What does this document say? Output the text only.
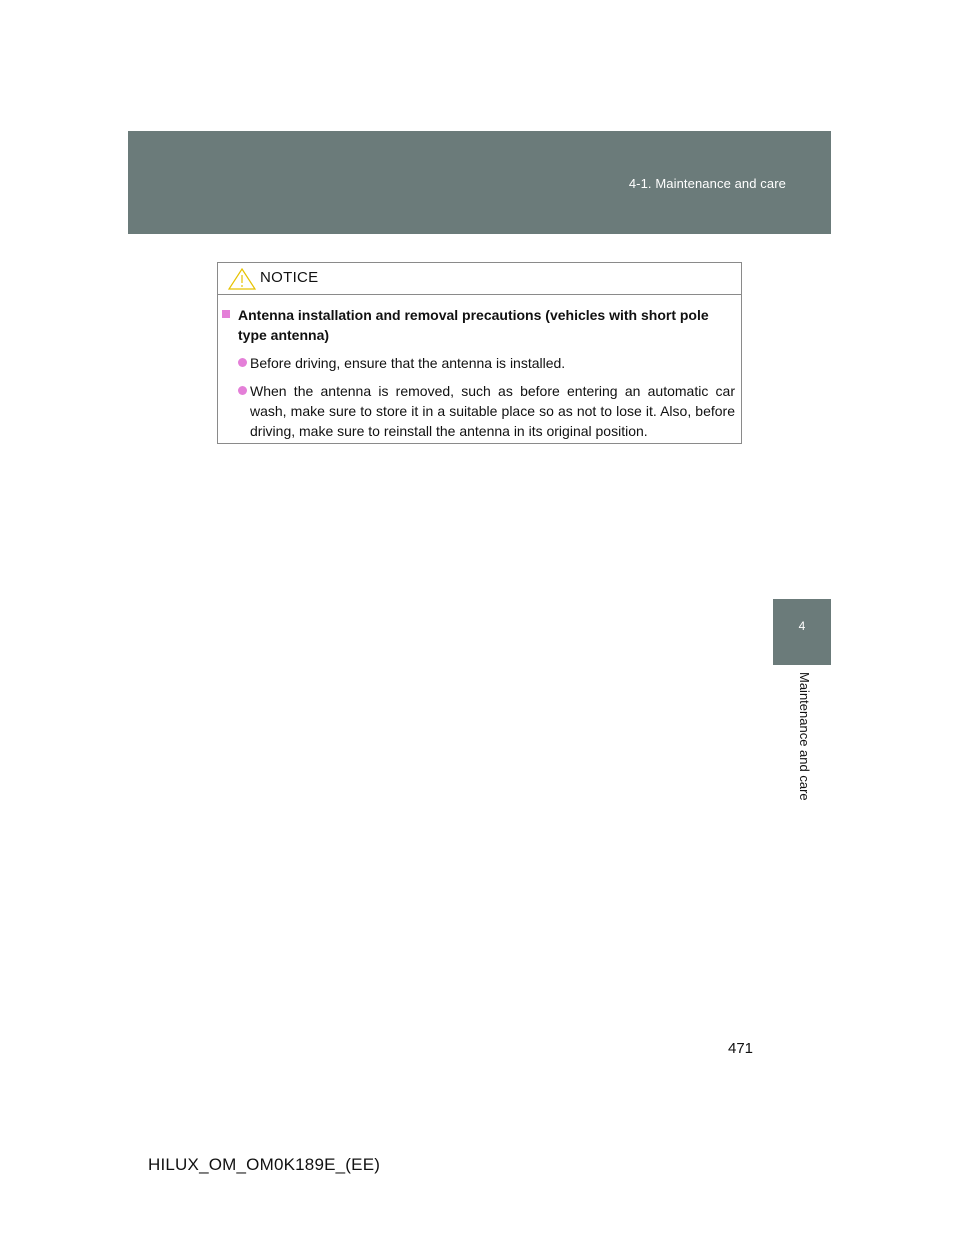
4-1. Maintenance and care
4
Maintenance and care
NOTICE
Antenna installation and removal precautions (vehicles with short pole type antenna)
Before driving, ensure that the antenna is installed.
When the antenna is removed, such as before entering an automatic car wash, make sure to store it in a suitable place so as not to lose it. Also, before driving, make sure to reinstall the antenna in its original position.
471
HILUX_OM_OM0K189E_(EE)
